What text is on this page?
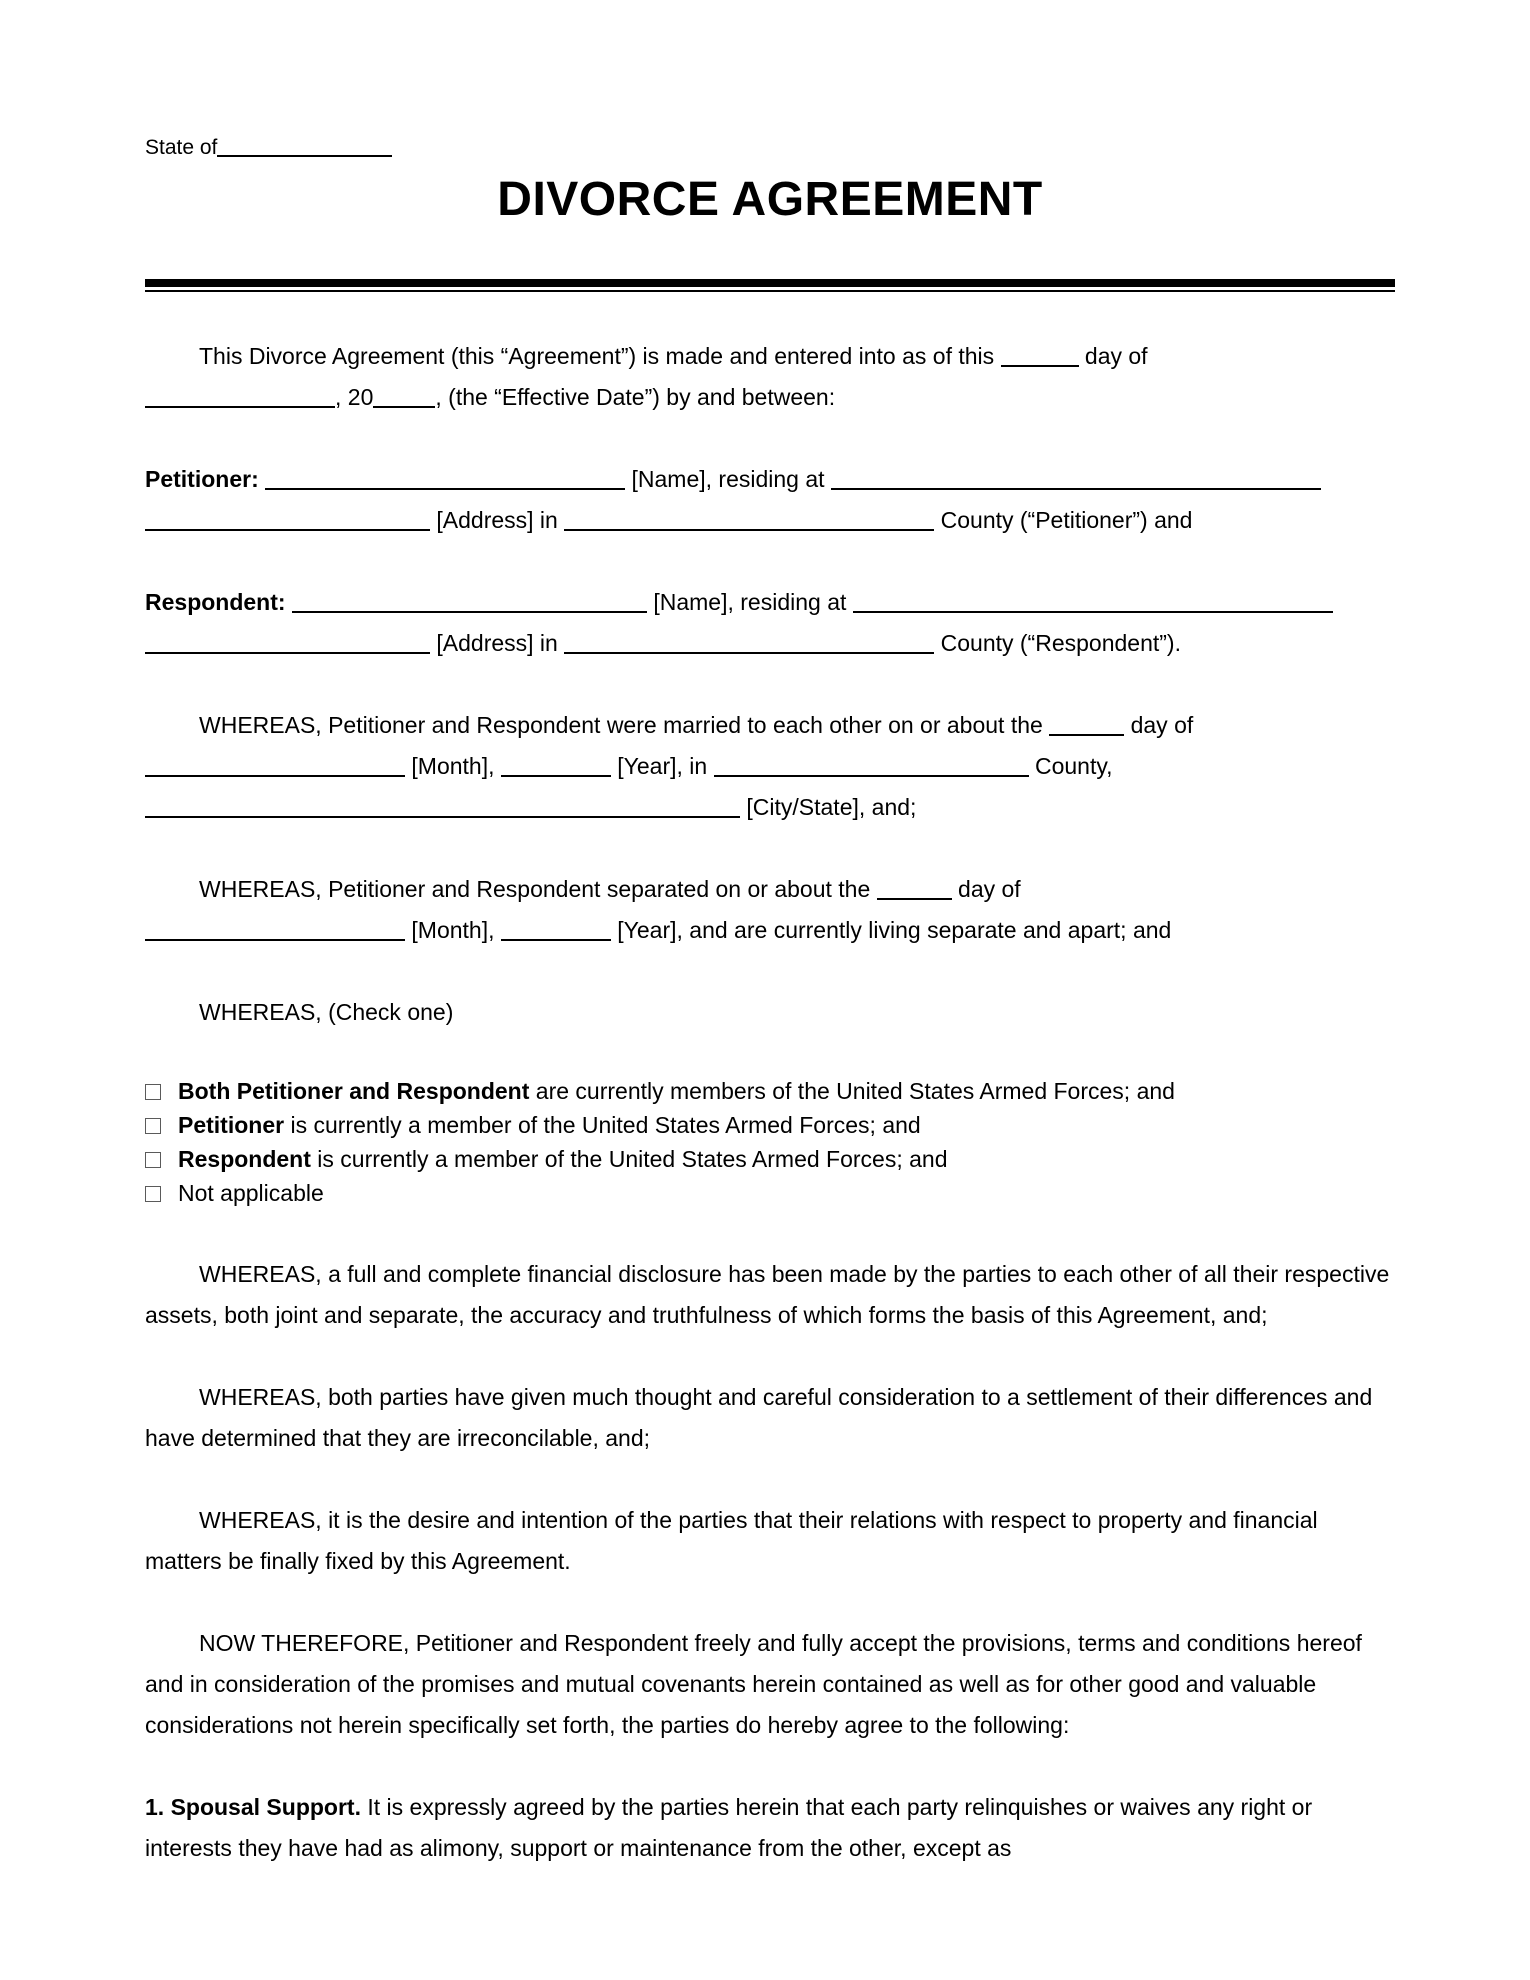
State of
DIVORCE AGREEMENT

This Divorce Agreement (this “Agreement”) is made and entered into as of this	day of
, 20	, (the “Effective Date”) by and between:

Petitioner:	[Name], residing at
[Address] in	County (“Petitioner”) and

Respondent:	[Name], residing at
[Address] in	County (“Respondent”).

WHEREAS, Petitioner and Respondent were married to each other on or about the	day of
[Month],	[Year], in	County,
[City/State], and;

WHEREAS, Petitioner and Respondent separated on or about the	day of
[Month],	[Year], and are currently living separate and apart; and

WHEREAS, (Check one)

Both Petitioner and Respondent are currently members of the United States Armed Forces; and
Petitioner is currently a member of the United States Armed Forces; and
Respondent is currently a member of the United States Armed Forces; and
Not applicable

WHEREAS, a full and complete financial disclosure has been made by the parties to each other of all their respective assets, both joint and separate, the accuracy and truthfulness of which forms the basis of this Agreement, and;

WHEREAS, both parties have given much thought and careful consideration to a settlement of their differences and have determined that they are irreconcilable, and;

WHEREAS, it is the desire and intention of the parties that their relations with respect to property and financial matters be finally fixed by this Agreement.

NOW THEREFORE, Petitioner and Respondent freely and fully accept the provisions, terms and conditions hereof and in consideration of the promises and mutual covenants herein contained as well as for other good and valuable considerations not herein specifically set forth, the parties do hereby agree to the following:

1. Spousal Support. It is expressly agreed by the parties herein that each party relinquishes or waives any right or interests they have had as alimony, support or maintenance from the other, except as
